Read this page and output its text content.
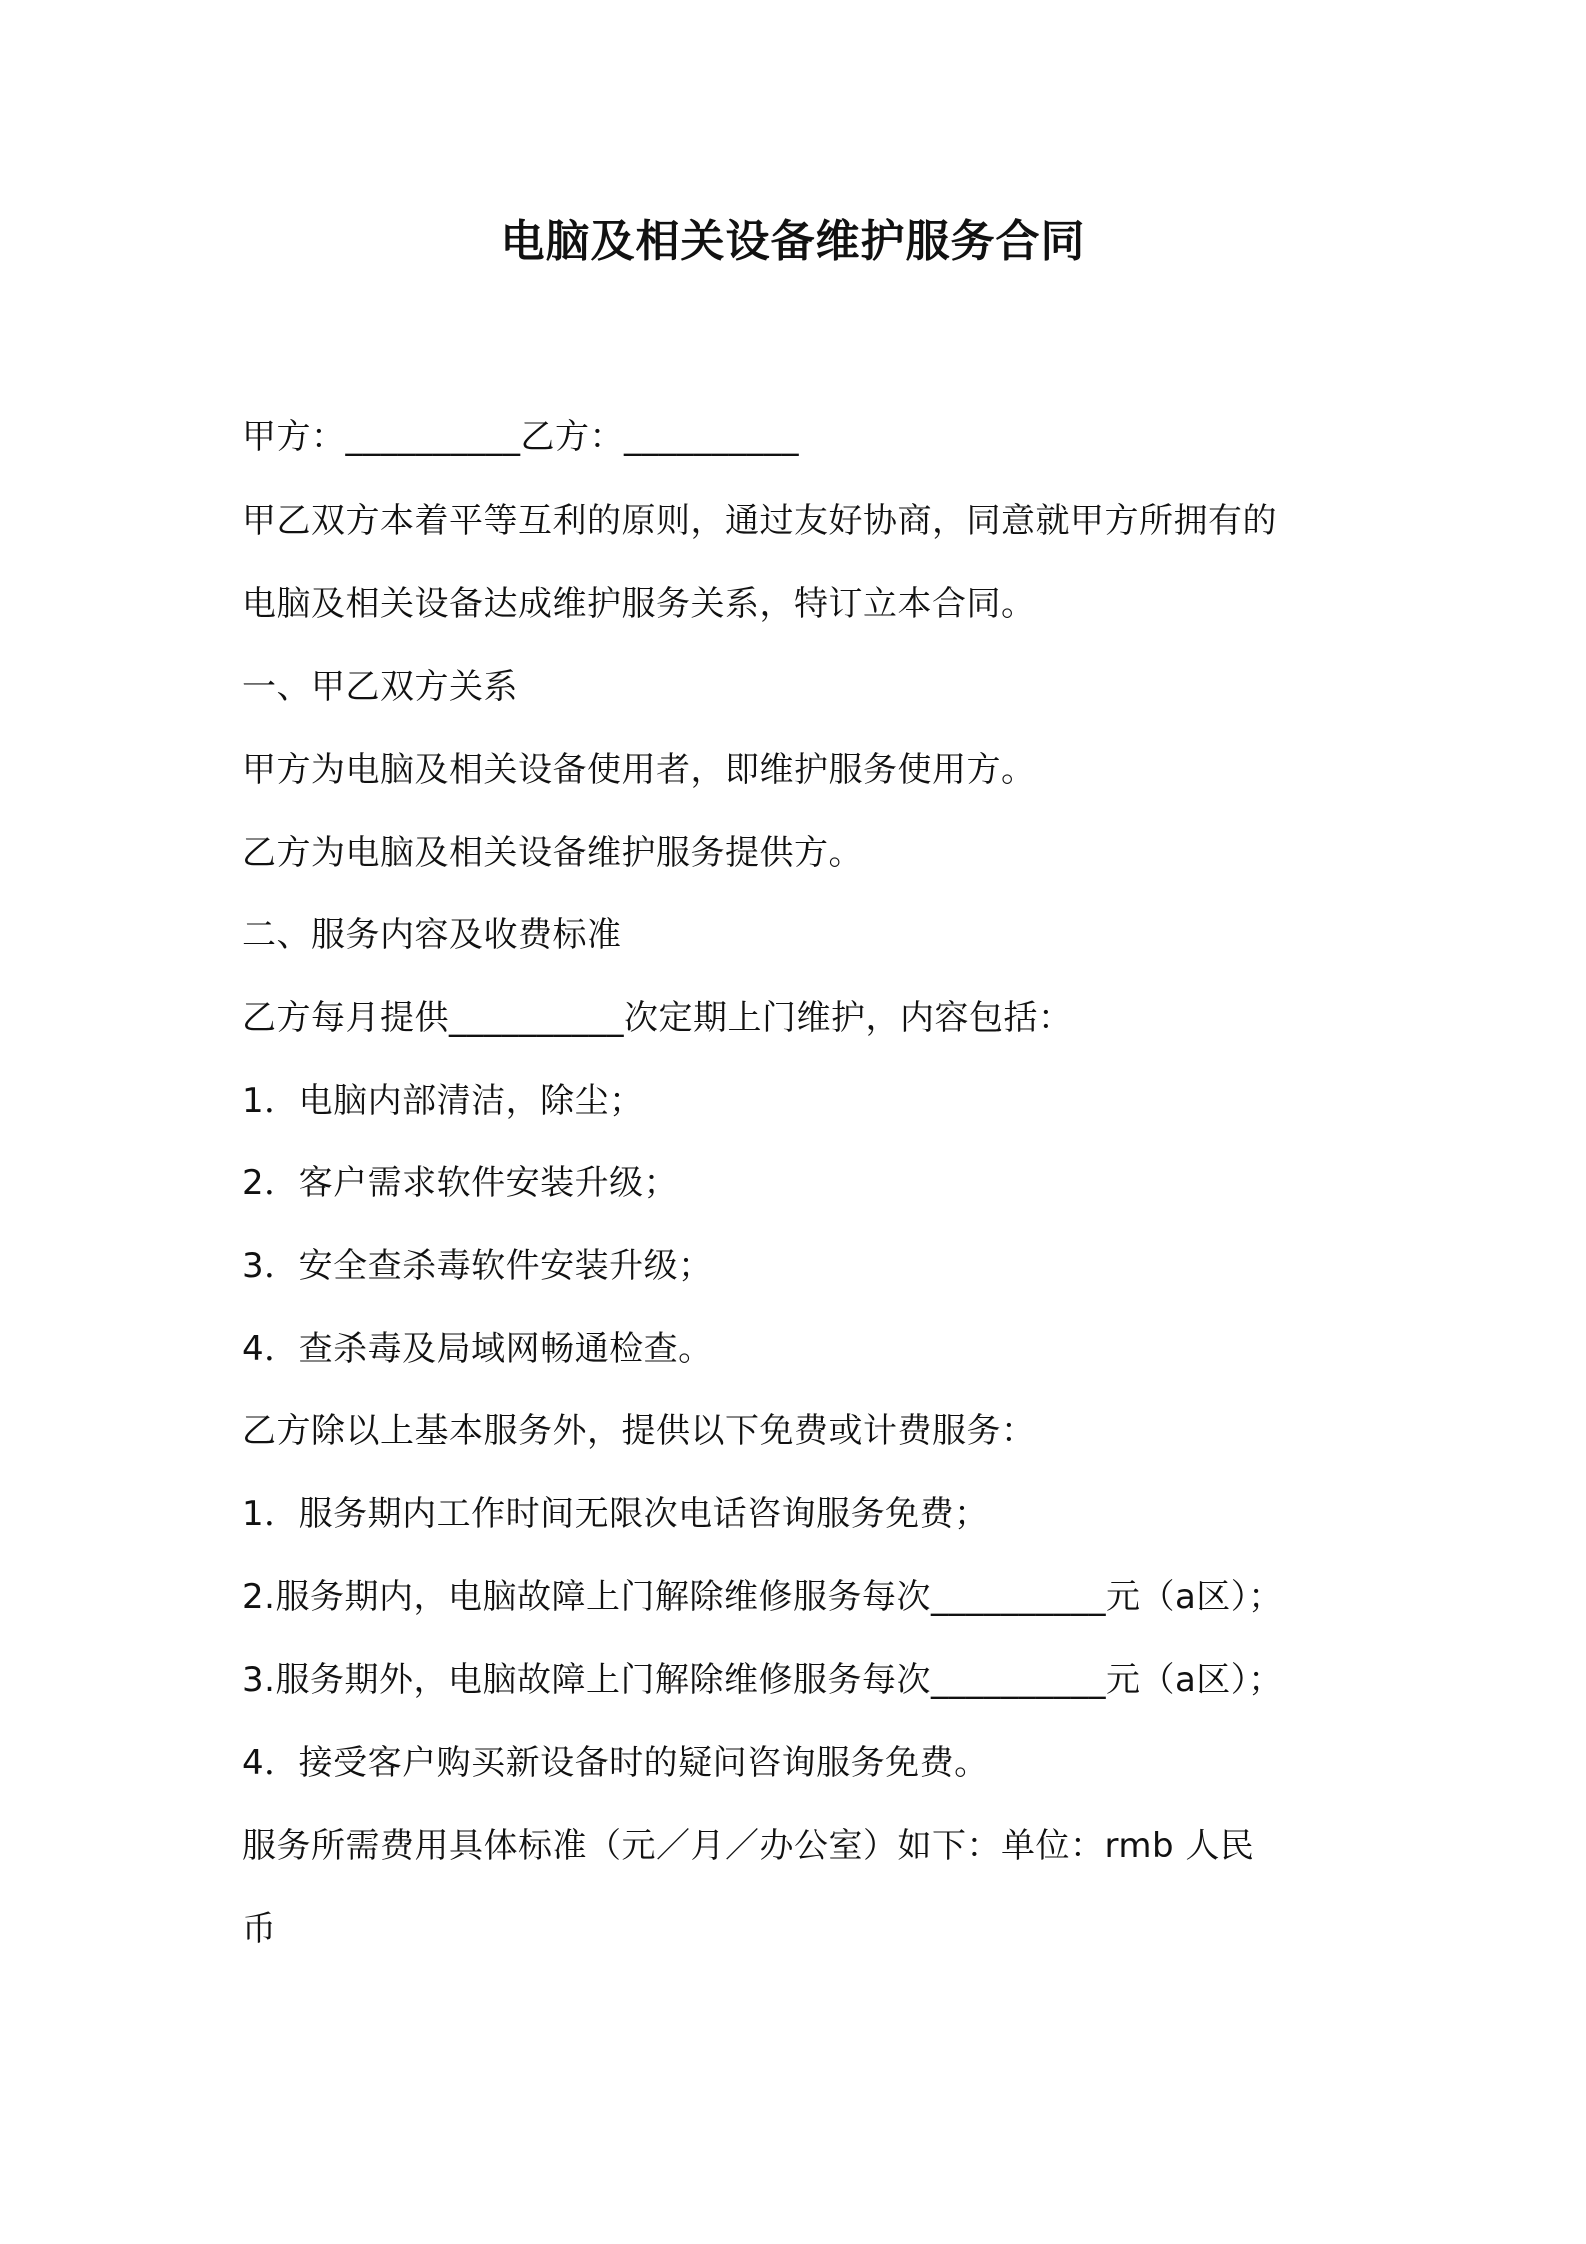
电脑及相关设备维护服务合同
甲方：__________乙方：__________
甲乙双方本着平等互利的原则，通过友好协商，同意就甲方所拥有的
电脑及相关设备达成维护服务关系，特订立本合同。
一、甲乙双方关系
甲方为电脑及相关设备使用者，即维护服务使用方。
乙方为电脑及相关设备维护服务提供方。
二、服务内容及收费标准
乙方每月提供__________次定期上门维护，内容包括：
1．电脑内部清洁，除尘；
2．客户需求软件安装升级；
3．安全查杀毒软件安装升级；
4．查杀毒及局域网畅通检查。
乙方除以上基本服务外，提供以下免费或计费服务：
1．服务期内工作时间无限次电话咨询服务免费；
2.服务期内，电脑故障上门解除维修服务每次__________元（a区）；
3.服务期外，电脑故障上门解除维修服务每次__________元（a区）；
4．接受客户购买新设备时的疑问咨询服务免费。
服务所需费用具体标准（元／月／办公室）如下：单位：rmb 人民
币
